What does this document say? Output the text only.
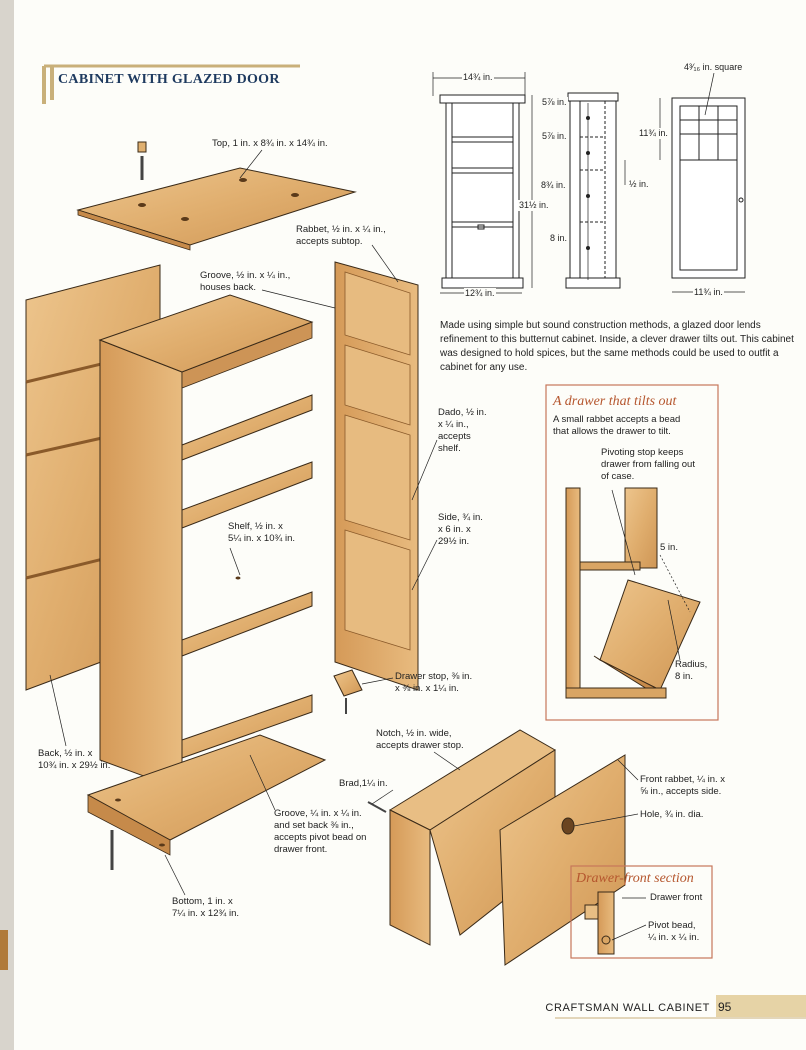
CABINET WITH GLAZED DOOR
Top, 1 in. x 8¾ in. x 14¾ in.
Rabbet, ½ in. x ¼ in.,
accepts subtop.
Groove, ½ in. x ¼ in.,
houses back.
Dado, ½ in.
x ¼ in.,
accepts
shelf.
Side, ¾ in.
x 6 in. x
29½ in.
Shelf, ½ in. x
5¼ in. x 10¾ in.
Drawer stop, ⅜ in.
x ⅜ in. x 1¼ in.
Back, ½ in. x
10¾ in. x 29½ in.
Notch, ½ in. wide,
accepts drawer stop.
Brad,1¼ in.
Groove, ¼ in. x ¼ in.
and set back ⅜ in.,
accepts pivot bead on
drawer front.
Bottom, 1 in. x
7¼ in. x 12¾ in.
Front rabbet, ¼ in. x
⅝ in., accepts side.
Hole, ¾ in. dia.
14¾ in.
12¾ in.
31½ in.
5⅞ in.
5⅞ in.
8¾ in.
8 in.
½ in.
4³⁄₁₆ in. square
11¾ in.
11¾ in.
Made using simple but sound construction methods, a glazed door lends refinement to this butternut cabinet. Inside, a clever drawer tilts out. This cabinet was designed to hold spices, but the same methods could be used to outfit a cabinet for any use.
A drawer that tilts out
A small rabbet accepts a bead
that allows the drawer to tilt.
Pivoting stop keeps
drawer from falling out
of case.
5 in.
Radius,
8 in.
Drawer-front section
Drawer front
Pivot bead,
¼ in. x ¼ in.
CRAFTSMAN WALL CABINET 95
